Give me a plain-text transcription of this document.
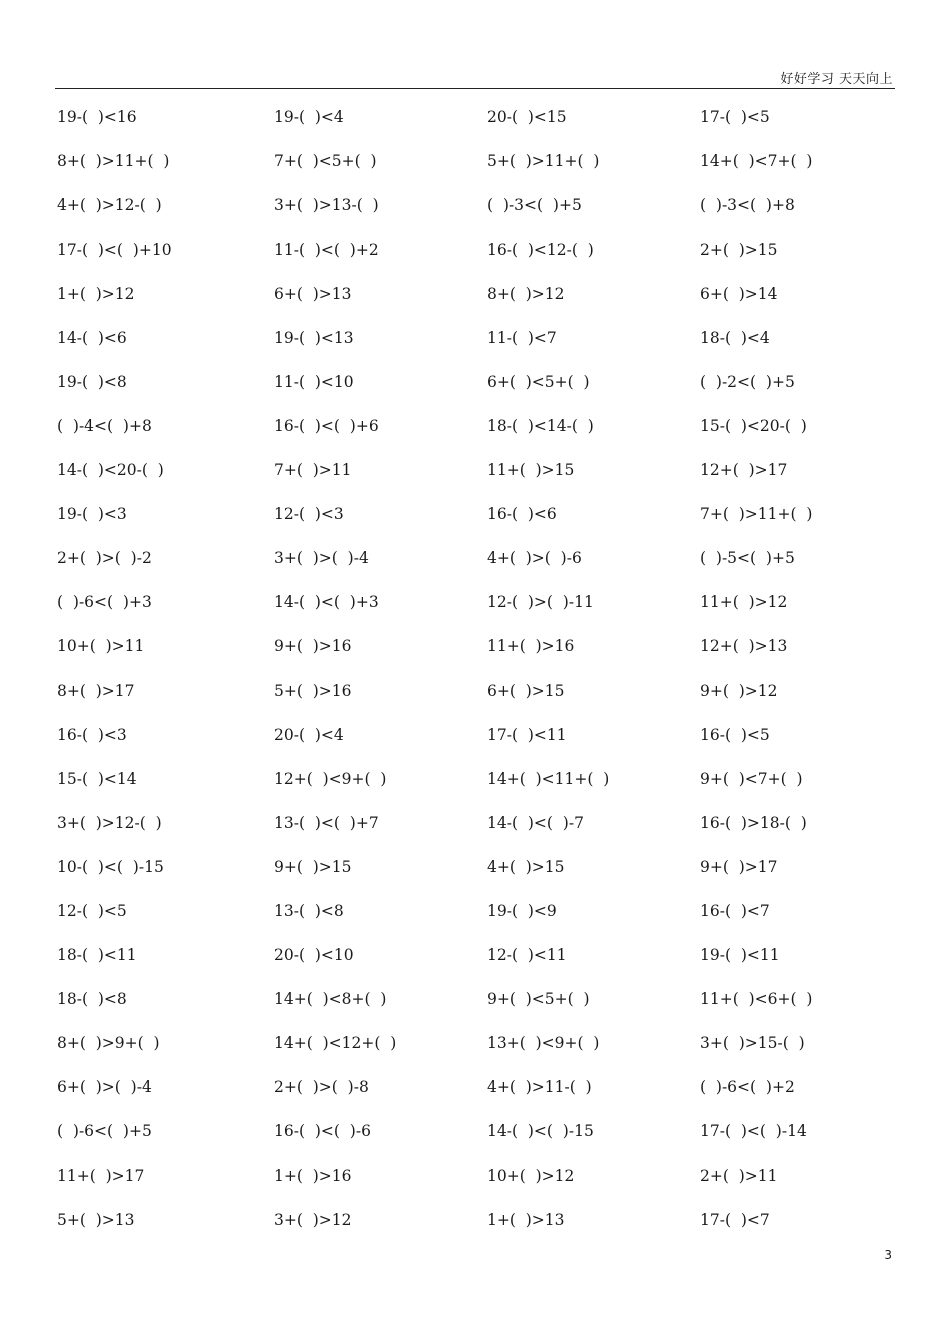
好好学习 天天向上
19-(  )<16	19-(  )<4	20-(  )<15	17-(  )<5
8+(  )>11+(  )	7+(  )<5+(  )	5+(  )>11+(  )	14+(  )<7+(  )
4+(  )>12-(  )	3+(  )>13-(  )	(  )-3<(  )+5	(  )-3<(  )+8
17-(  )<(  )+10	11-(  )<(  )+2	16-(  )<12-(  )	2+(  )>15
1+(  )>12	6+(  )>13	8+(  )>12	6+(  )>14
14-(  )<6	19-(  )<13	11-(  )<7	18-(  )<4
19-(  )<8	11-(  )<10	6+(  )<5+(  )	(  )-2<(  )+5
(  )-4<(  )+8	16-(  )<(  )+6	18-(  )<14-(  )	15-(  )<20-(  )
14-(  )<20-(  )	7+(  )>11	11+(  )>15	12+(  )>17
19-(  )<3	12-(  )<3	16-(  )<6	7+(  )>11+(  )
2+(  )>(  )-2	3+(  )>(  )-4	4+(  )>(  )-6	(  )-5<(  )+5
(  )-6<(  )+3	14-(  )<(  )+3	12-(  )>(  )-11	11+(  )>12
10+(  )>11	9+(  )>16	11+(  )>16	12+(  )>13
8+(  )>17	5+(  )>16	6+(  )>15	9+(  )>12
16-(  )<3	20-(  )<4	17-(  )<11	16-(  )<5
15-(  )<14	12+(  )<9+(  )	14+(  )<11+(  )	9+(  )<7+(  )
3+(  )>12-(  )	13-(  )<(  )+7	14-(  )<(  )-7	16-(  )>18-(  )
10-(  )<(  )-15	9+(  )>15	4+(  )>15	9+(  )>17
12-(  )<5	13-(  )<8	19-(  )<9	16-(  )<7
18-(  )<11	20-(  )<10	12-(  )<11	19-(  )<11
18-(  )<8	14+(  )<8+(  )	9+(  )<5+(  )	11+(  )<6+(  )
8+(  )>9+(  )	14+(  )<12+(  )	13+(  )<9+(  )	3+(  )>15-(  )
6+(  )>(  )-4	2+(  )>(  )-8	4+(  )>11-(  )	(  )-6<(  )+2
(  )-6<(  )+5	16-(  )<(  )-6	14-(  )<(  )-15	17-(  )<(  )-14
11+(  )>17	1+(  )>16	10+(  )>12	2+(  )>11
5+(  )>13	3+(  )>12	1+(  )>13	17-(  )<7
3
